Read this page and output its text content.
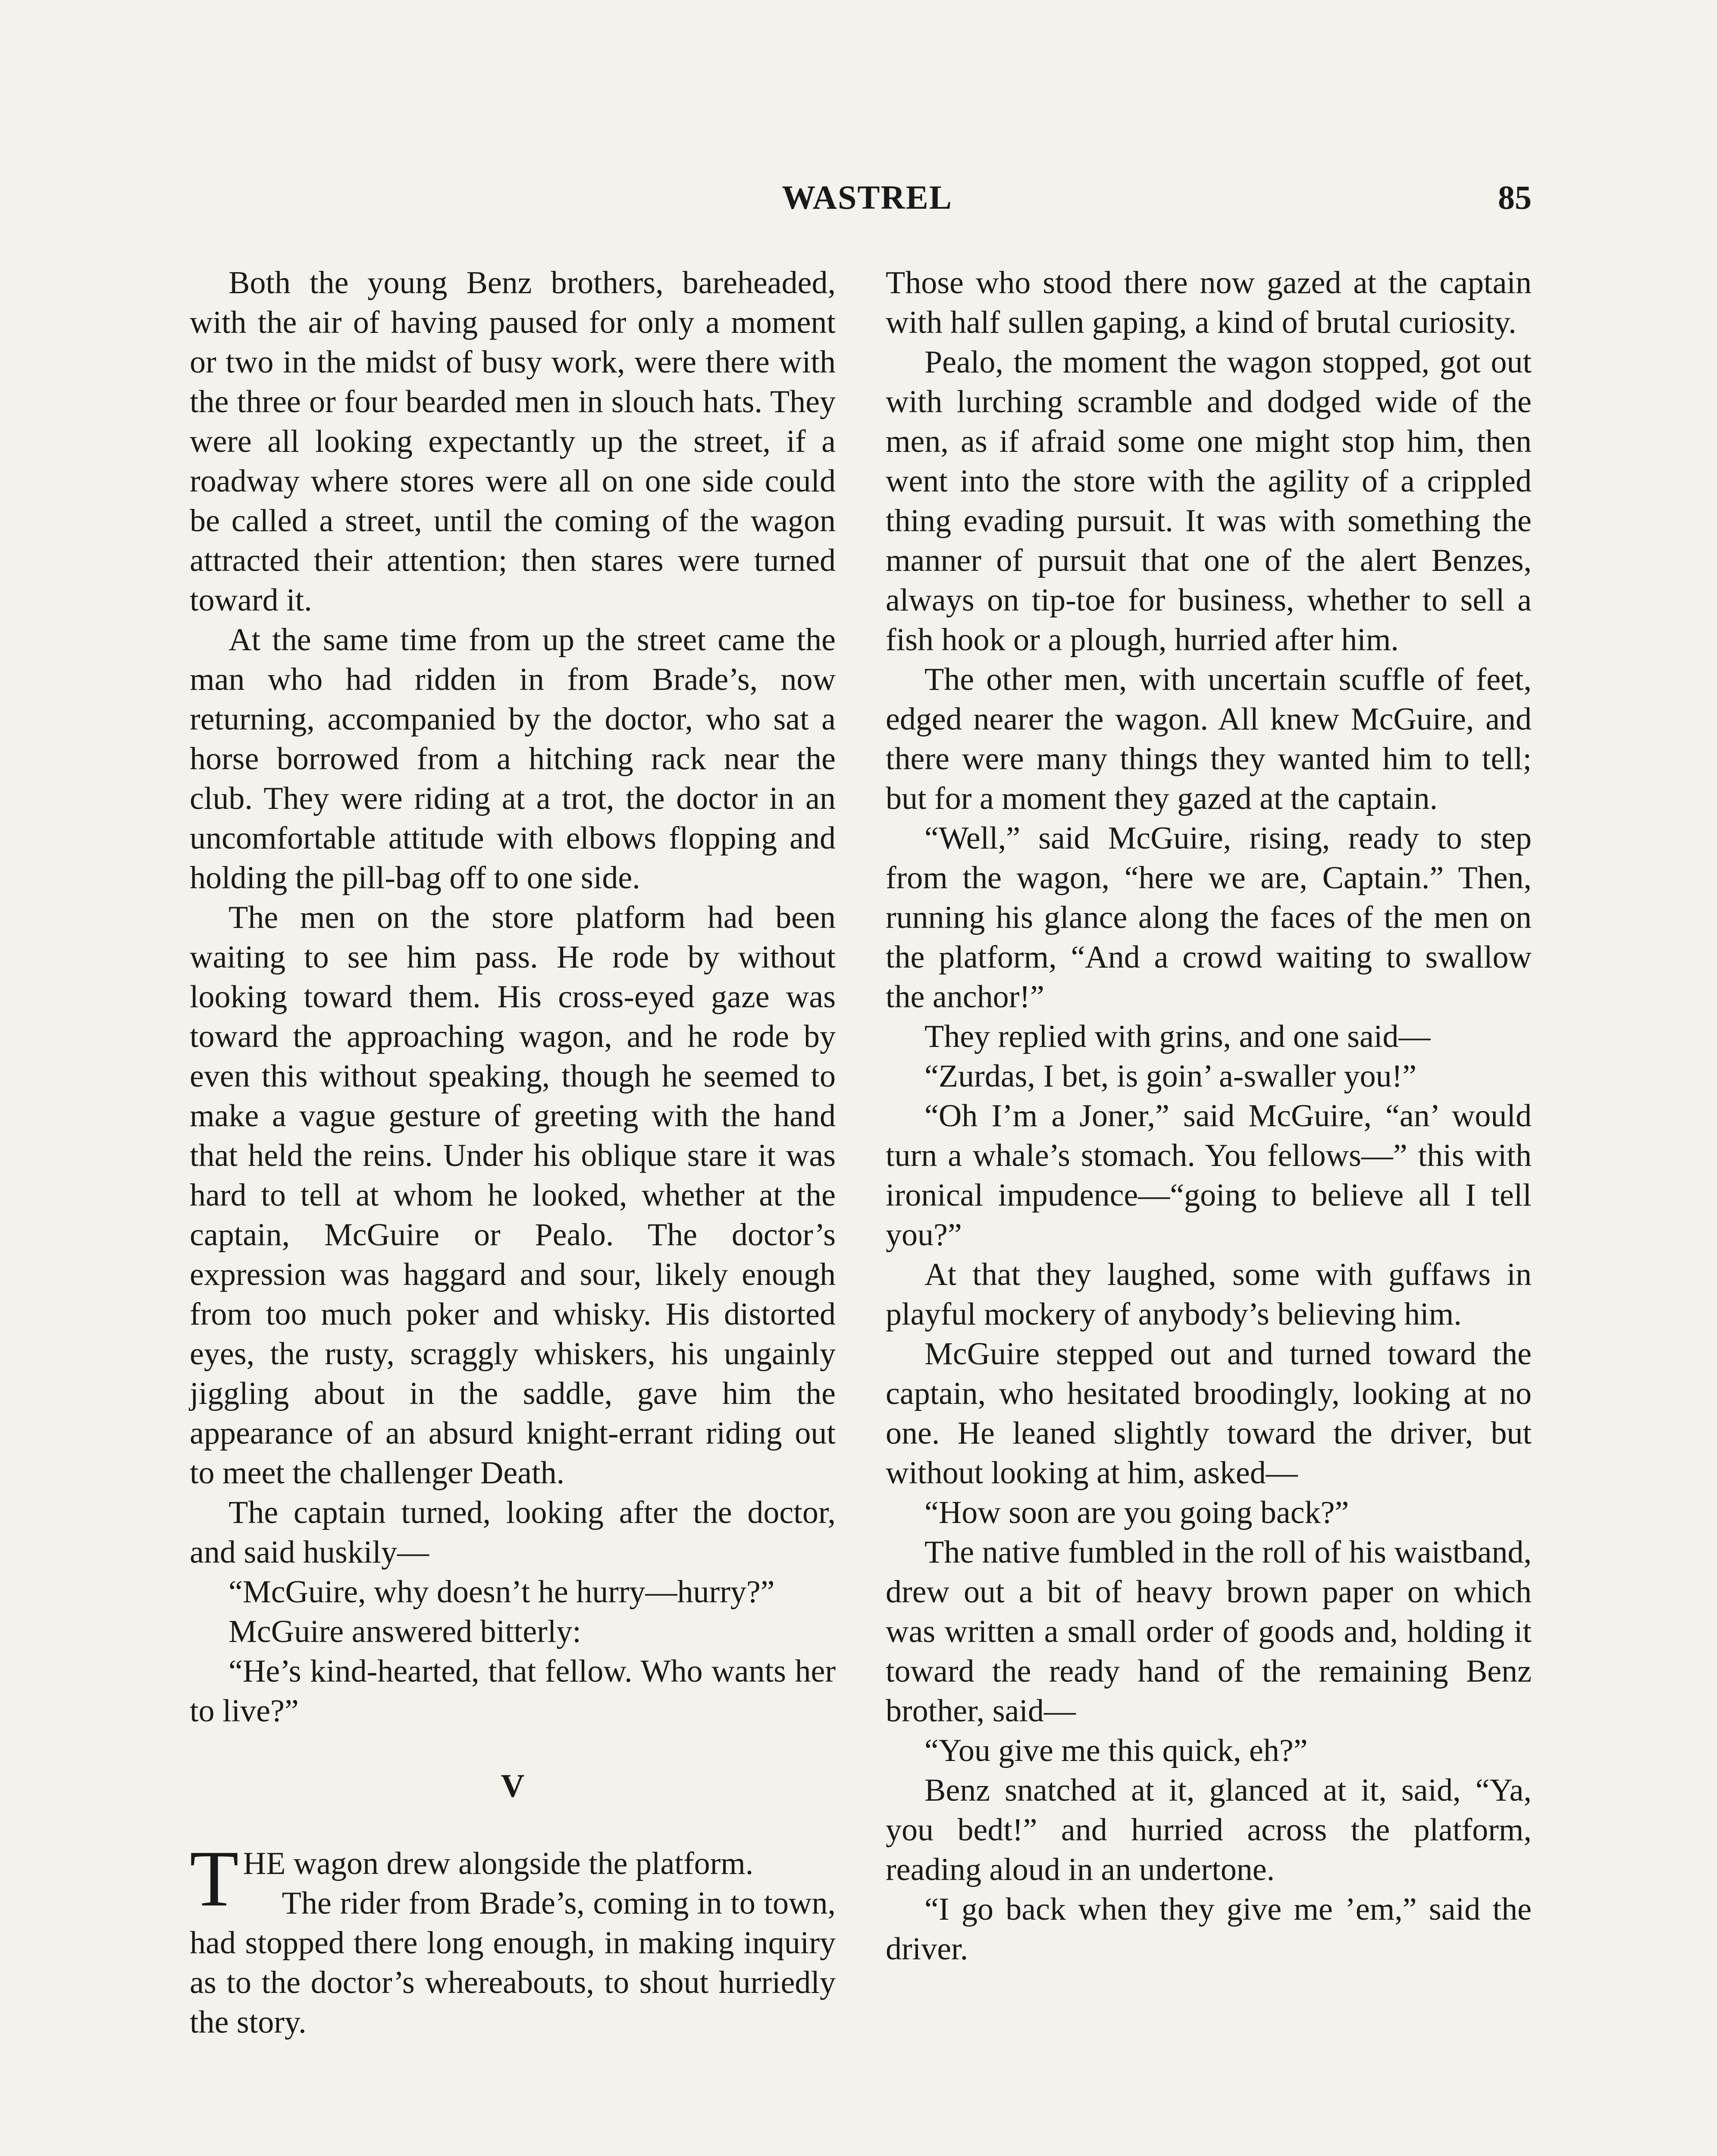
WASTREL	85

Both the young Benz brothers, bareheaded, with the air of having paused for only a moment or two in the midst of busy work, were there with the three or four bearded men in slouch hats. They were all looking expectantly up the street, if a roadway where stores were all on one side could be called a street, until the coming of the wagon attracted their attention; then stares were turned toward it.

At the same time from up the street came the man who had ridden in from Brade’s, now returning, accompanied by the doctor, who sat a horse borrowed from a hitching rack near the club. They were riding at a trot, the doctor in an uncomfortable attitude with elbows flopping and holding the pill-bag off to one side.

The men on the store platform had been waiting to see him pass. He rode by without looking toward them. His cross-eyed gaze was toward the approaching wagon, and he rode by even this without speaking, though he seemed to make a vague gesture of greeting with the hand that held the reins. Under his oblique stare it was hard to tell at whom he looked, whether at the captain, McGuire or Pealo. The doctor’s expression was haggard and sour, likely enough from too much poker and whisky. His distorted eyes, the rusty, scraggly whiskers, his ungainly jiggling about in the saddle, gave him the appearance of an absurd knight-errant riding out to meet the challenger Death.

The captain turned, looking after the doctor, and said huskily—

“McGuire, why doesn’t he hurry—hurry?”

McGuire answered bitterly:

“He’s kind-hearted, that fellow. Who wants her to live?”

V

THE wagon drew alongside the platform.

The rider from Brade’s, coming in to town, had stopped there long enough, in making inquiry as to the doctor’s whereabouts, to shout hurriedly the story.

Those who stood there now gazed at the captain with half sullen gaping, a kind of brutal curiosity.

Pealo, the moment the wagon stopped, got out with lurching scramble and dodged wide of the men, as if afraid some one might stop him, then went into the store with the agility of a crippled thing evading pursuit. It was with something the manner of pursuit that one of the alert Benzes, always on tip-toe for business, whether to sell a fish hook or a plough, hurried after him.

The other men, with uncertain scuffle of feet, edged nearer the wagon. All knew McGuire, and there were many things they wanted him to tell; but for a moment they gazed at the captain.

“Well,” said McGuire, rising, ready to step from the wagon, “here we are, Captain.” Then, running his glance along the faces of the men on the platform, “And a crowd waiting to swallow the anchor!”

They replied with grins, and one said—

“Zurdas, I bet, is goin’ a-swaller you!”

“Oh I’m a Joner,” said McGuire, “an’ would turn a whale’s stomach. You fellows—” this with ironical impudence—“going to believe all I tell you?”

At that they laughed, some with guffaws in playful mockery of anybody’s believing him.

McGuire stepped out and turned toward the captain, who hesitated broodingly, looking at no one. He leaned slightly toward the driver, but without looking at him, asked—

“How soon are you going back?”

The native fumbled in the roll of his waistband, drew out a bit of heavy brown paper on which was written a small order of goods and, holding it toward the ready hand of the remaining Benz brother, said—

“You give me this quick, eh?”

Benz snatched at it, glanced at it, said, “Ya, you bedt!” and hurried across the platform, reading aloud in an undertone.

“I go back when they give me ’em,” said the driver.
